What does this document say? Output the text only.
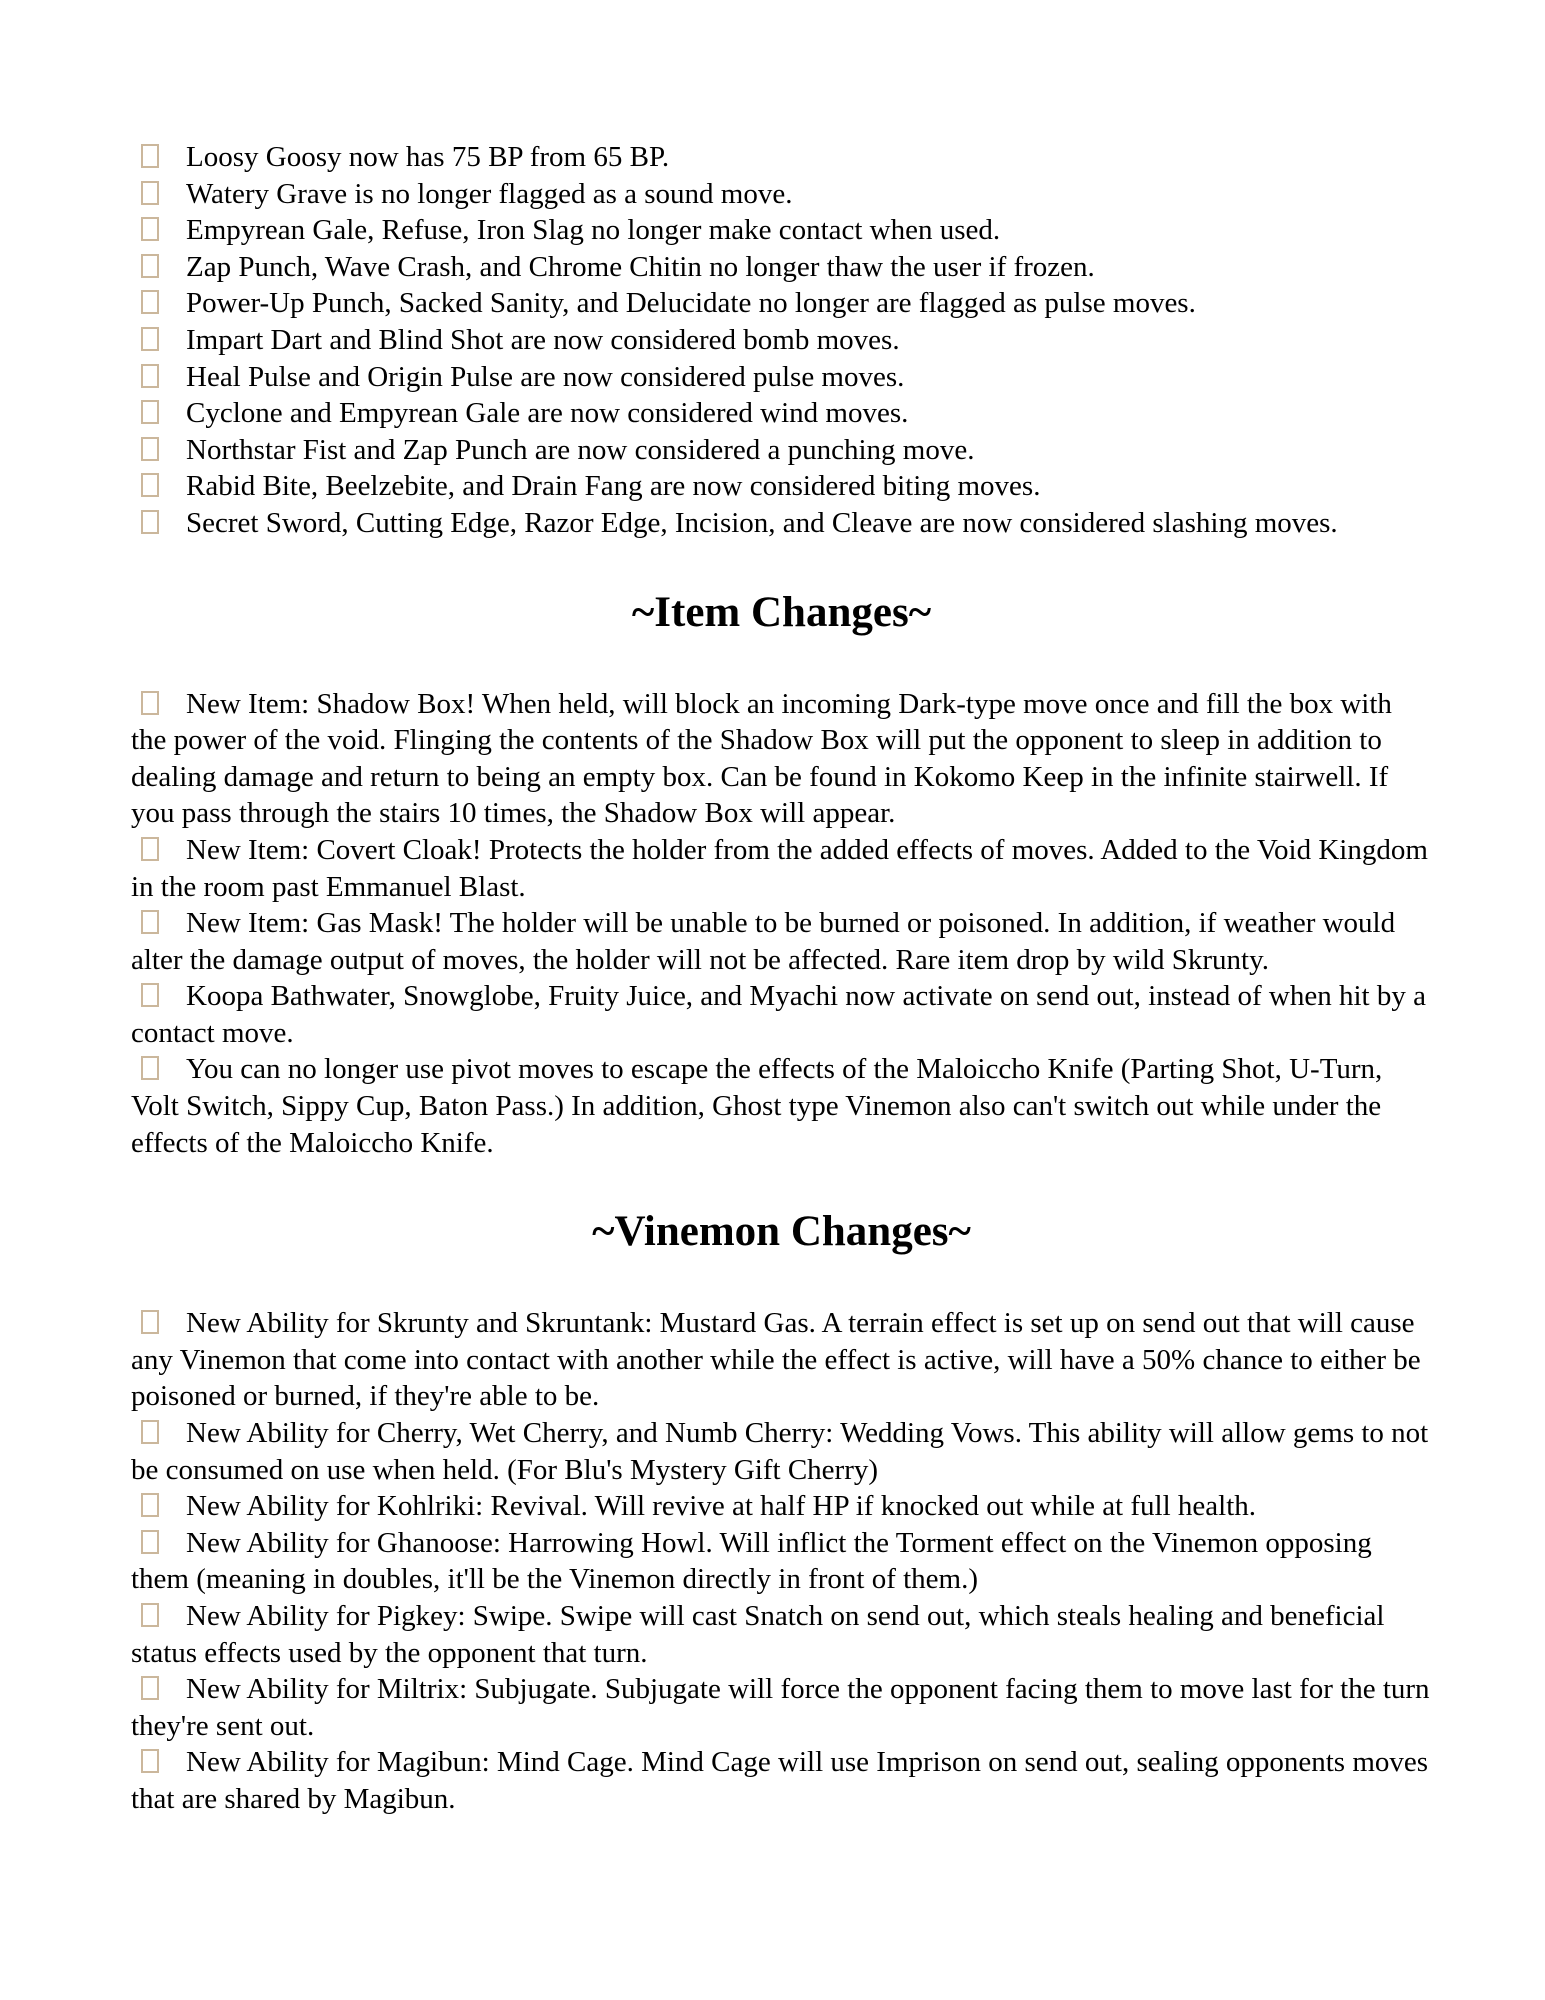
Loosy Goosy now has 75 BP from 65 BP.
Watery Grave is no longer flagged as a sound move.
Empyrean Gale, Refuse, Iron Slag no longer make contact when used.
Zap Punch, Wave Crash, and Chrome Chitin no longer thaw the user if frozen.
Power-Up Punch, Sacked Sanity, and Delucidate no longer are flagged as pulse moves.
Impart Dart and Blind Shot are now considered bomb moves.
Heal Pulse and Origin Pulse are now considered pulse moves.
Cyclone and Empyrean Gale are now considered wind moves.
Northstar Fist and Zap Punch are now considered a punching move.
Rabid Bite, Beelzebite, and Drain Fang are now considered biting moves.
Secret Sword, Cutting Edge, Razor Edge, Incision, and Cleave are now considered slashing moves.
~Item Changes~
New Item: Shadow Box! When held, will block an incoming Dark-type move once and fill the box with the power of the void. Flinging the contents of the Shadow Box will put the opponent to sleep in addition to dealing damage and return to being an empty box. Can be found in Kokomo Keep in the infinite stairwell. If you pass through the stairs 10 times, the Shadow Box will appear.
New Item: Covert Cloak! Protects the holder from the added effects of moves. Added to the Void Kingdom in the room past Emmanuel Blast.
New Item: Gas Mask! The holder will be unable to be burned or poisoned. In addition, if weather would alter the damage output of moves, the holder will not be affected. Rare item drop by wild Skrunty.
Koopa Bathwater, Snowglobe, Fruity Juice, and Myachi now activate on send out, instead of when hit by a contact move.
You can no longer use pivot moves to escape the effects of the Maloiccho Knife (Parting Shot, U-Turn, Volt Switch, Sippy Cup, Baton Pass.) In addition, Ghost type Vinemon also can't switch out while under the effects of the Maloiccho Knife.
~Vinemon Changes~
New Ability for Skrunty and Skruntank: Mustard Gas. A terrain effect is set up on send out that will cause any Vinemon that come into contact with another while the effect is active, will have a 50% chance to either be poisoned or burned, if they're able to be.
New Ability for Cherry, Wet Cherry, and Numb Cherry: Wedding Vows. This ability will allow gems to not be consumed on use when held. (For Blu's Mystery Gift Cherry)
New Ability for Kohlriki: Revival. Will revive at half HP if knocked out while at full health.
New Ability for Ghanoose: Harrowing Howl. Will inflict the Torment effect on the Vinemon opposing them (meaning in doubles, it'll be the Vinemon directly in front of them.)
New Ability for Pigkey: Swipe. Swipe will cast Snatch on send out, which steals healing and beneficial status effects used by the opponent that turn.
New Ability for Miltrix: Subjugate. Subjugate will force the opponent facing them to move last for the turn they're sent out.
New Ability for Magibun: Mind Cage. Mind Cage will use Imprison on send out, sealing opponents moves that are shared by Magibun.
